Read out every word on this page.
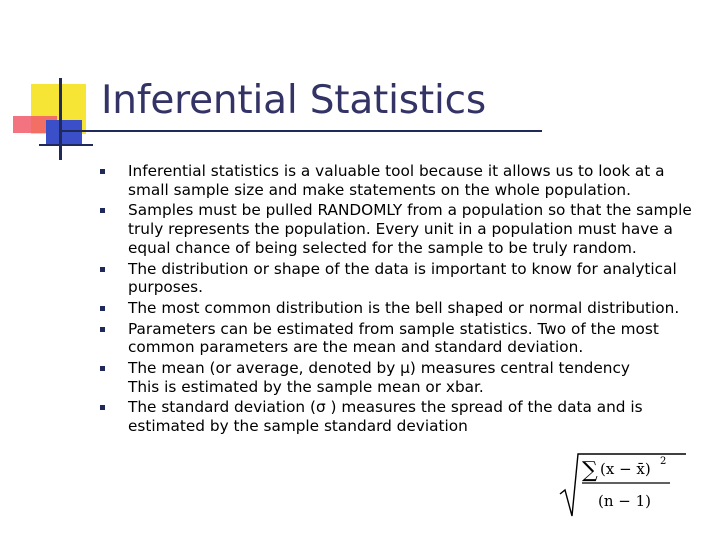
Inferential Statistics
Inferential statistics is a valuable tool because it allows us to look at a small sample size and make statements on the whole population.
Samples must be pulled RANDOMLY from a population so that the sample truly represents the population. Every unit in a population must have a equal chance of being selected for the sample to be truly random.
The distribution or shape of the data is important to know for analytical purposes.
The most common distribution is the bell shaped or normal distribution.
Parameters can be estimated from sample statistics. Two of the most common parameters are the mean and standard deviation.
The mean (or average, denoted by µ) measures central tendency
This is estimated by the sample mean or xbar.
The standard deviation (σ ) measures the spread of the data and is estimated by the sample standard deviation
∑ (x − x̄) 2
(n − 1)
